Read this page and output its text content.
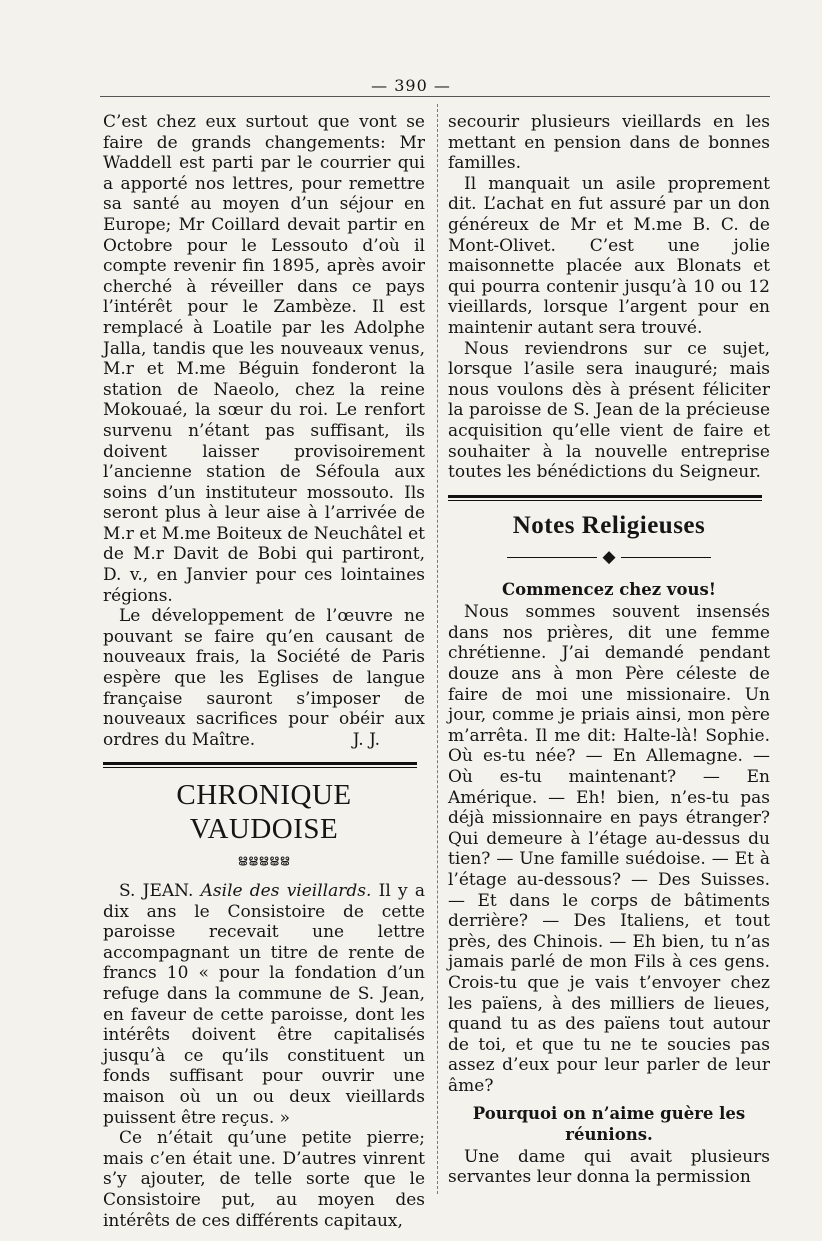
— 390 —

C’est chez eux surtout que vont se faire de grands changements: Mr Waddell est parti par le courrier qui a apporté nos lettres, pour remettre sa santé au moyen d’un séjour en Europe; Mr Coillard devait partir en Octobre pour le Lessouto d’où il compte revenir fin 1895, après avoir cherché à réveiller dans ce pays l’intérêt pour le Zambèze. Il est remplacé à Loatile par les Adolphe Jalla, tandis que les nouveaux venus, M.r et M.me Béguin fonderont la station de Naeolo, chez la reine Mokouaé, la sœur du roi. Le renfort survenu n’étant pas suffisant, ils doivent laisser provisoirement l’ancienne station de Séfoula aux soins d’un instituteur mossouto. Ils seront plus à leur aise à l’arrivée de M.r et M.me Boiteux de Neuchâtel et de M.r Davit de Bobi qui partiront, D. v., en Janvier pour ces lointaines régions.

Le développement de l’œuvre ne pouvant se faire qu’en causant de nouveaux frais, la Société de Paris espère que les Eglises de langue française sauront s’imposer de nouveaux sacrifices pour obéir aux ordres du Maître.	J. J.

CHRONIQUE VAUDOISE
ൠൠൠൠൠ

S. JEAN. Asile des vieillards. Il y a dix ans le Consistoire de cette paroisse recevait une lettre accompagnant un titre de rente de francs 10 « pour la fondation d’un refuge dans la commune de S. Jean, en faveur de cette paroisse, dont les intérêts doivent être capitalisés jusqu’à ce qu’ils constituent un fonds suffisant pour ouvrir une maison où un ou deux vieillards puissent être reçus. »

Ce n’était qu’une petite pierre; mais c’en était une. D’autres vinrent s’y ajouter, de telle sorte que le Consistoire put, au moyen des intérêts de ces différents capitaux,

secourir plusieurs vieillards en les mettant en pension dans de bonnes familles.

Il manquait un asile proprement dit. L’achat en fut assuré par un don généreux de Mr et M.me B. C. de Mont-Olivet. C’est une jolie maisonnette placée aux Blonats et qui pourra contenir jusqu’à 10 ou 12 vieillards, lorsque l’argent pour en maintenir autant sera trouvé.

Nous reviendrons sur ce sujet, lorsque l’asile sera inauguré; mais nous voulons dès à présent féliciter la paroisse de S. Jean de la précieuse acquisition qu’elle vient de faire et souhaiter à la nouvelle entreprise toutes les bénédictions du Seigneur.

Notes Religieuses
◆
Commencez chez vous!

Nous sommes souvent insensés dans nos prières, dit une femme chrétienne. J’ai demandé pendant douze ans à mon Père céleste de faire de moi une missionaire. Un jour, comme je priais ainsi, mon père m’arrêta. Il me dit: Halte-là! Sophie. Où es-tu née? — En Allemagne. — Où es-tu maintenant? — En Amérique. — Eh! bien, n’es-tu pas déjà missionnaire en pays étranger? Qui demeure à l’étage au-dessus du tien? — Une famille suédoise. — Et à l’étage au-dessous? — Des Suisses. — Et dans le corps de bâtiments derrière? — Des Italiens, et tout près, des Chinois. — Eh bien, tu n’as jamais parlé de mon Fils à ces gens. Crois-tu que je vais t’envoyer chez les païens, à des milliers de lieues, quand tu as des païens tout autour de toi, et que tu ne te soucies pas assez d’eux pour leur parler de leur âme?

Pourquoi on n’aime guère les réunions.

Une dame qui avait plusieurs servantes leur donna la permission
